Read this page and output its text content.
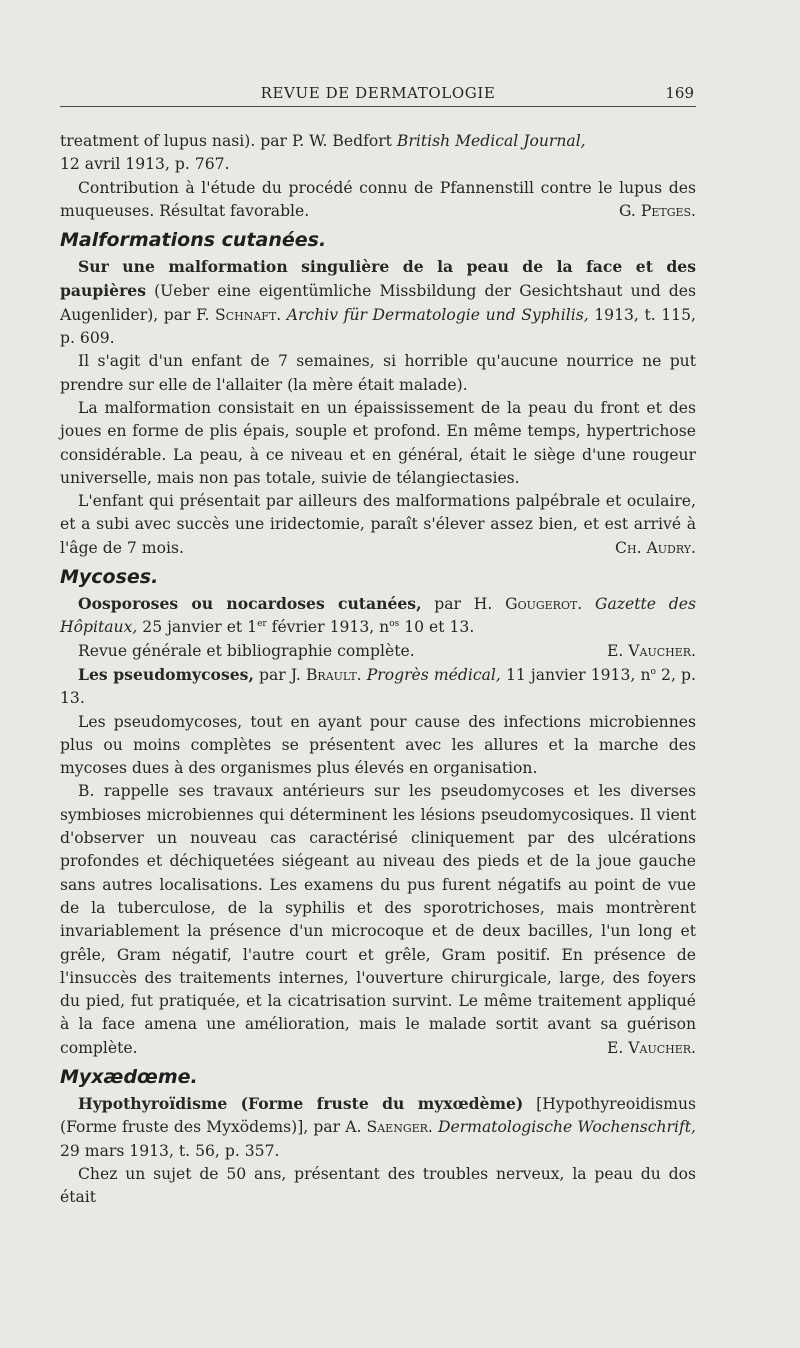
REVUE DE DERMATOLOGIE	169

treatment of lupus nasi). par P. W. Bedfort British Medical Journal,
12 avril 1913, p. 767.

Contribution à l'étude du procédé connu de Pfannenstill contre le lupus des muqueuses. Résultat favorable.	G. Petges.

Malformations cutanées.

Sur une malformation singulière de la peau de la face et des paupières (Ueber eine eigentümliche Missbildung der Gesichtshaut und des Augenlider), par F. Schnaft. Archiv für Dermatologie und Syphilis, 1913, t. 115, p. 609.

Il s'agit d'un enfant de 7 semaines, si horrible qu'aucune nourrice ne put prendre sur elle de l'allaiter (la mère était malade).

La malformation consistait en un épaississement de la peau du front et des joues en forme de plis épais, souple et profond. En même temps, hypertrichose considérable. La peau, à ce niveau et en général, était le siège d'une rougeur universelle, mais non pas totale, suivie de télangiectasies.

L'enfant qui présentait par ailleurs des malformations palpébrale et oculaire, et a subi avec succès une iridectomie, paraît s'élever assez bien, et est arrivé à l'âge de 7 mois.	Ch. Audry.

Mycoses.

Oosporoses ou nocardoses cutanées, par H. Gougerot. Gazette des Hôpitaux, 25 janvier et 1er février 1913, $n^{os}$ 10 et 13.

Revue générale et bibliographie complète.	E. Vaucher.

Les pseudomycoses, par J. Brault. Progrès médical, 11 janvier 1913, $n^o$ 2, p. 13.

Les pseudomycoses, tout en ayant pour cause des infections microbiennes plus ou moins complètes se présentent avec les allures et la marche des mycoses dues à des organismes plus élevés en organisation.

B. rappelle ses travaux antérieurs sur les pseudomycoses et les diverses symbioses microbiennes qui déterminent les lésions pseudomycosiques. Il vient d'observer un nouveau cas caractérisé cliniquement par des ulcérations profondes et déchiquetées siégeant au niveau des pieds et de la joue gauche sans autres localisations. Les examens du pus furent négatifs au point de vue de la tuberculose, de la syphilis et des sporotrichoses, mais montrèrent invariablement la présence d'un microcoque et de deux bacilles, l'un long et grêle, Gram négatif, l'autre court et grêle, Gram positif. En présence de l'insuccès des traitements internes, l'ouverture chirurgicale, large, des foyers du pied, fut pratiquée, et la cicatrisation survint. Le même traitement appliqué à la face amena une amélioration, mais le malade sortit avant sa guérison complète.	E. Vaucher.

Myxædœme.

Hypothyroïdisme (Forme fruste du myxœdème) [Hypothyreoidismus (Forme fruste des Myxödems)], par A. Saenger. Dermatologische Wochenschrift, 29 mars 1913, t. 56, p. 357.

Chez un sujet de 50 ans, présentant des troubles nerveux, la peau du dos était
